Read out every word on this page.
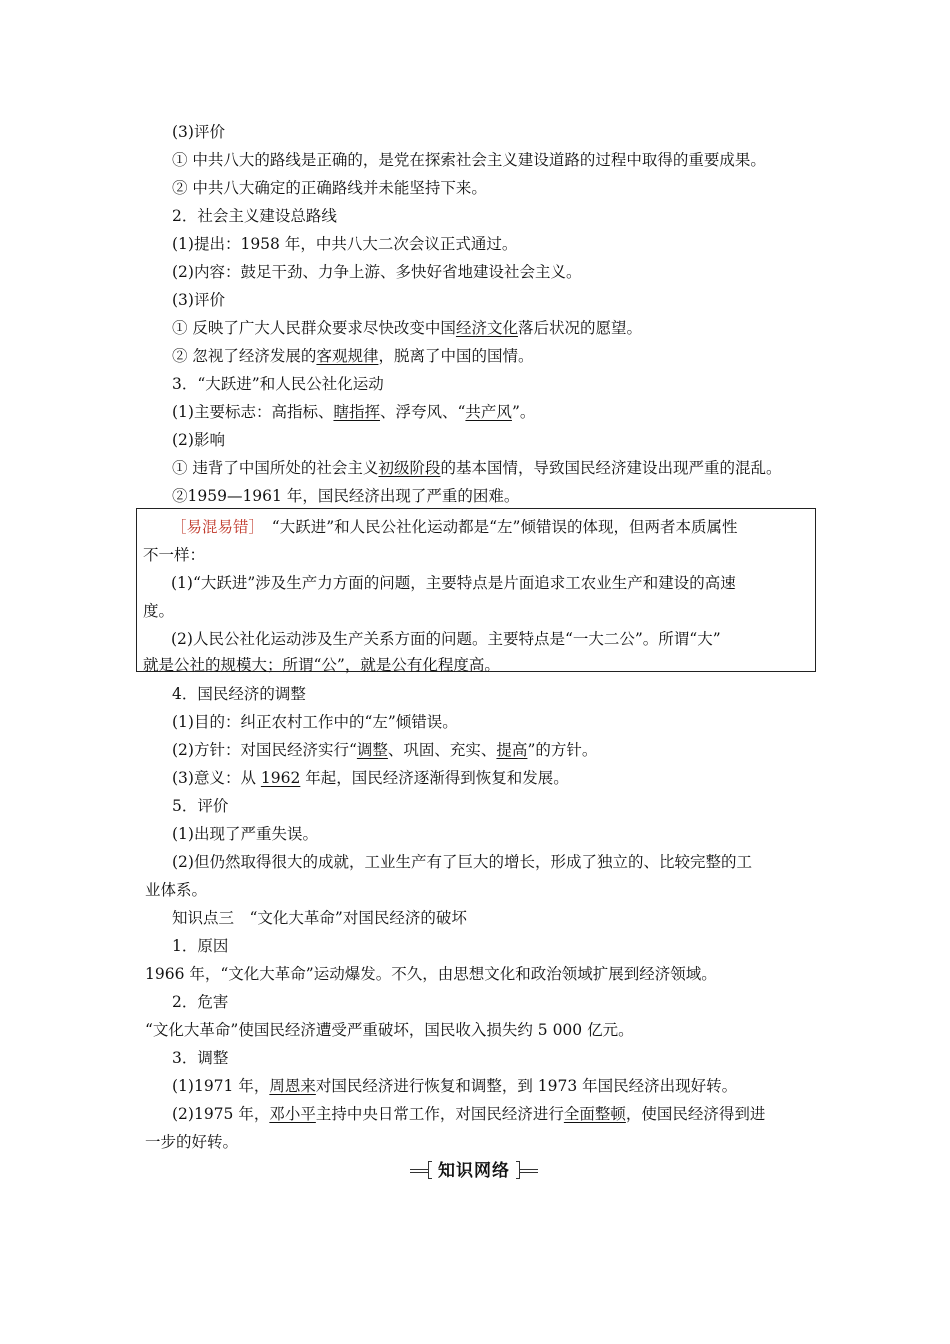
(3)评价
① 中共八大的路线是正确的，是党在探索社会主义建设道路的过程中取得的重要成果。
② 中共八大确定的正确路线并未能坚持下来。
2．社会主义建设总路线
(1)提出：1958 年，中共八大二次会议正式通过。
(2)内容：鼓足干劲、力争上游、多快好省地建设社会主义。
(3)评价
① 反映了广大人民群众要求尽快改变中国经济文化落后状况的愿望。
② 忽视了经济发展的客观规律，脱离了中国的国情。
3．“大跃进”和人民公社化运动
(1)主要标志：高指标、瞎指挥、浮夸风、“共产风”。
(2)影响
① 违背了中国所处的社会主义初级阶段的基本国情，导致国民经济建设出现严重的混乱。
②1959—1961 年，国民经济出现了严重的困难。
［易混易错］　 “大跃进”和人民公社化运动都是“左”倾错误的体现，但两者本质属性
不一样：
(1)“大跃进”涉及生产力方面的问题，主要特点是片面追求工农业生产和建设的高速
度。
(2)人民公社化运动涉及生产关系方面的问题。主要特点是“一大二公”。所谓“大”
就是公社的规模大；所谓“公”，就是公有化程度高。
4．国民经济的调整
(1)目的：纠正农村工作中的“左”倾错误。
(2)方针：对国民经济实行“调整、巩固、充实、提高”的方针。
(3)意义：从 1962 年起，国民经济逐渐得到恢复和发展。
5．评价
(1)出现了严重失误。
(2)但仍然取得很大的成就，工业生产有了巨大的增长，形成了独立的、比较完整的工
业体系。
知识点三　“文化大革命”对国民经济的破坏
1．原因
1966 年，“文化大革命”运动爆发。不久，由思想文化和政治领域扩展到经济领域。
2．危害
“文化大革命”使国民经济遭受严重破坏，国民收入损失约 5 000 亿元。
3．调整
(1)1971 年，周恩来对国民经济进行恢复和调整，到 1973 年国民经济出现好转。
(2)1975 年，邓小平主持中央日常工作，对国民经济进行全面整顿，使国民经济得到进
一步的好转。
知识网络
